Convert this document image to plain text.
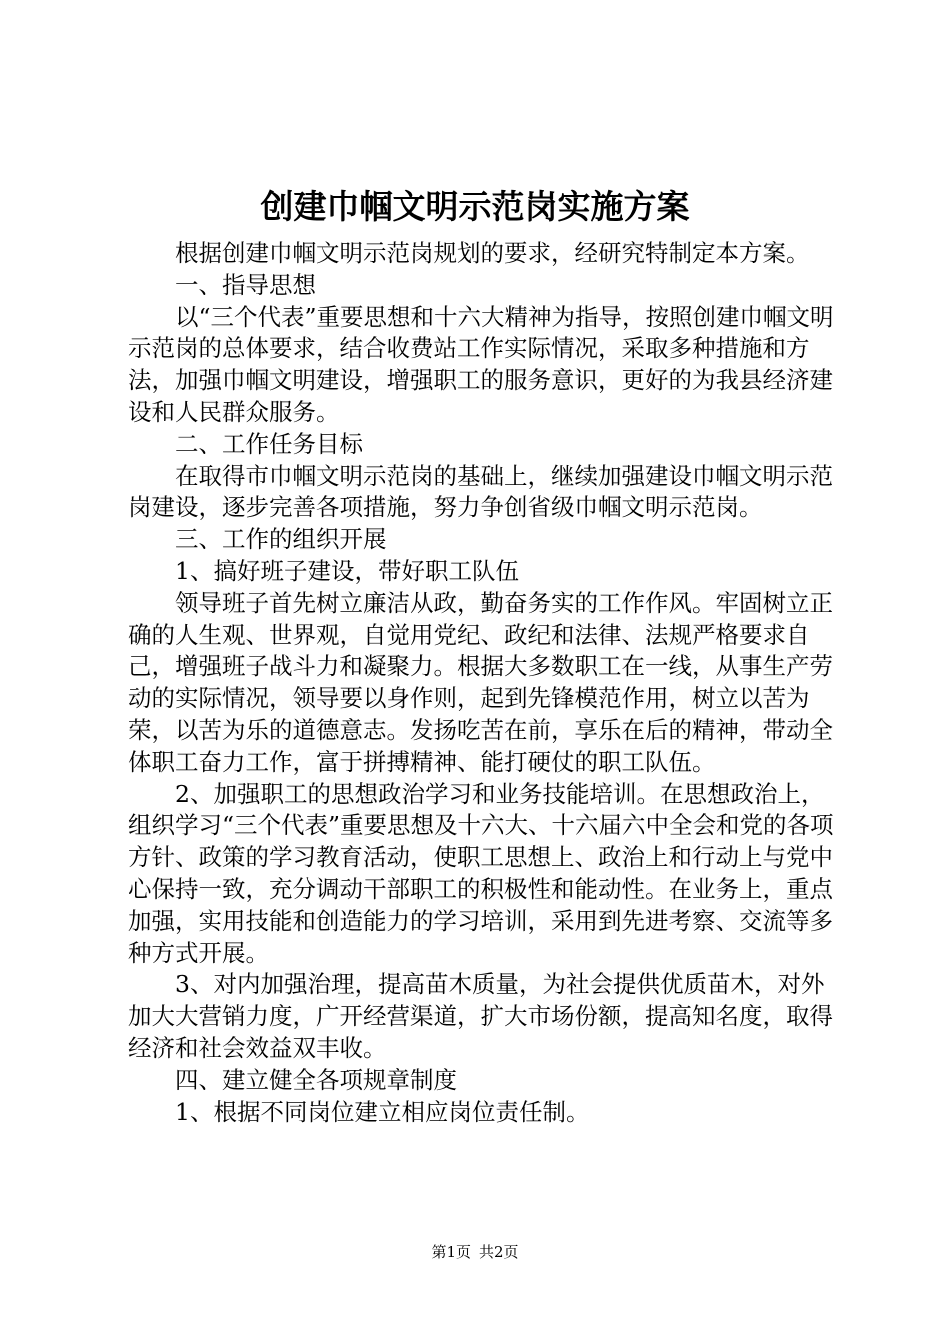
创建巾帼文明示范岗实施方案

根据创建巾帼文明示范岗规划的要求，经研究特制定本方案。

一、指导思想

以“三个代表”重要思想和十六大精神为指导，按照创建巾帼文明示范岗的总体要求，结合收费站工作实际情况，采取多种措施和方法，加强巾帼文明建设，增强职工的服务意识，更好的为我县经济建设和人民群众服务。

二、工作任务目标

在取得市巾帼文明示范岗的基础上，继续加强建设巾帼文明示范岗建设，逐步完善各项措施，努力争创省级巾帼文明示范岗。

三、工作的组织开展

1、搞好班子建设，带好职工队伍

领导班子首先树立廉洁从政，勤奋务实的工作作风。牢固树立正确的人生观、世界观，自觉用党纪、政纪和法律、法规严格要求自己，增强班子战斗力和凝聚力。根据大多数职工在一线，从事生产劳动的实际情况，领导要以身作则，起到先锋模范作用，树立以苦为荣，以苦为乐的道德意志。发扬吃苦在前，享乐在后的精神，带动全体职工奋力工作，富于拼搏精神、能打硬仗的职工队伍。

2、加强职工的思想政治学习和业务技能培训。在思想政治上，组织学习“三个代表”重要思想及十六大、十六届六中全会和党的各项方针、政策的学习教育活动，使职工思想上、政治上和行动上与党中心保持一致，充分调动干部职工的积极性和能动性。在业务上，重点加强，实用技能和创造能力的学习培训，采用到先进考察、交流等多种方式开展。

3、对内加强治理，提高苗木质量，为社会提供优质苗木，对外加大大营销力度，广开经营渠道，扩大市场份额，提高知名度，取得经济和社会效益双丰收。

四、建立健全各项规章制度

1、根据不同岗位建立相应岗位责任制。

第1页 共2页
